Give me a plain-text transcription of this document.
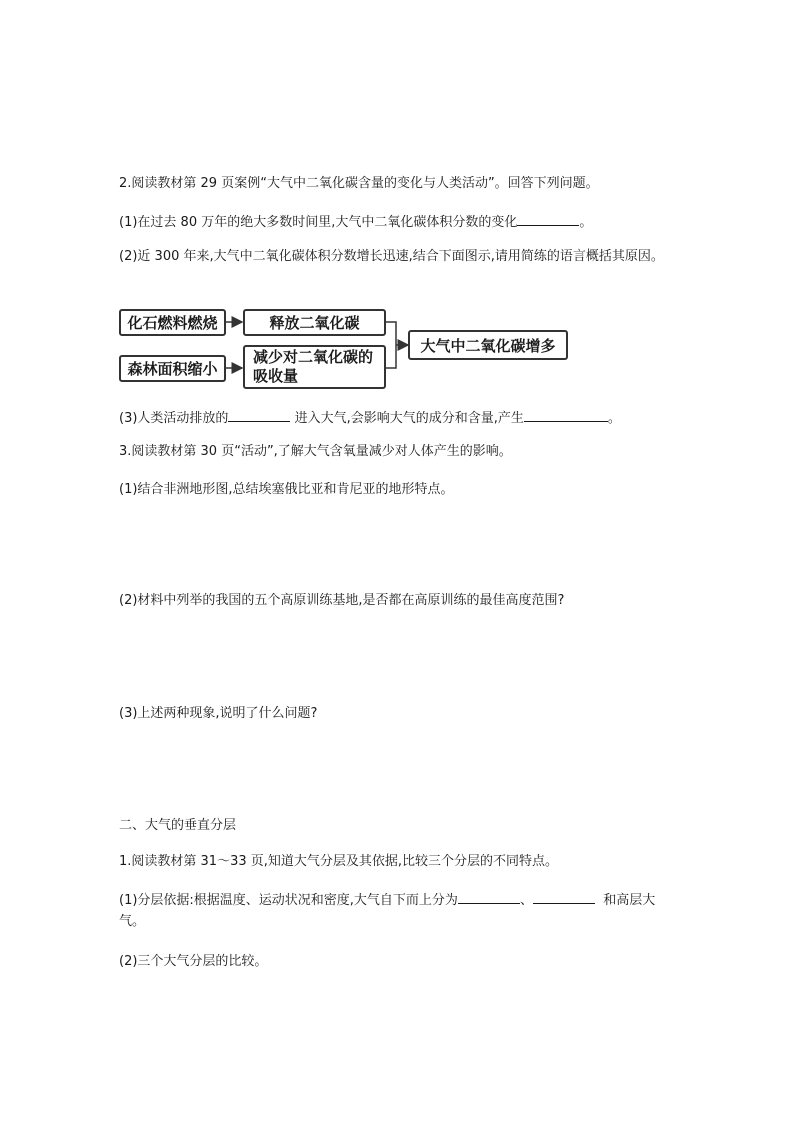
2.阅读教材第 29 页案例“大气中二氧化碳含量的变化与人类活动”。回答下列问题。
(1)在过去 80 万年的绝大多数时间里,大气中二氧化碳体积分数的变化	。
(2)近 300 年来,大气中二氧化碳体积分数增长迅速,结合下面图示,请用简练的语言概括其原因。
化石燃料燃烧	释放二氧化碳
森林面积缩小
减少对二氧化碳的吸收量
大气中二氧化碳增多
(3)人类活动排放的	进入大气,会影响大气的成分和含量,产生	。
3.阅读教材第 30 页“活动”,了解大气含氧量减少对人体产生的影响。
(1)结合非洲地形图,总结埃塞俄比亚和肯尼亚的地形特点。
(2)材料中列举的我国的五个高原训练基地,是否都在高原训练的最佳高度范围?
(3)上述两种现象,说明了什么问题?
二、大气的垂直分层
1.阅读教材第 31～33 页,知道大气分层及其依据,比较三个分层的不同特点。
(1)分层依据:根据温度、运动状况和密度,大气自下而上分为	、	和高层大气。
(2)三个大气分层的比较。
